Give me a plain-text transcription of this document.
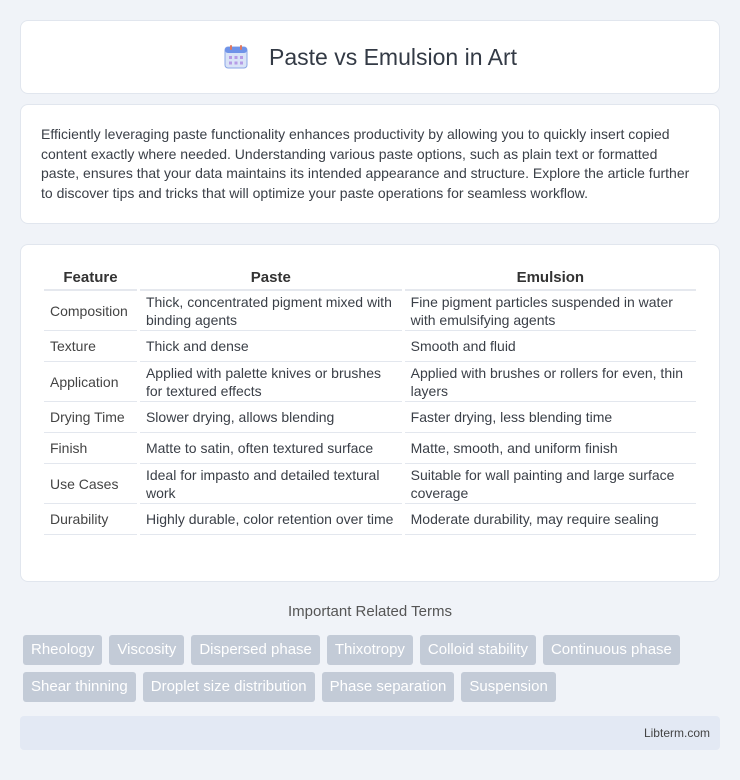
Paste vs Emulsion in Art

Efficiently leveraging paste functionality enhances productivity by allowing you to quickly insert copied content exactly where needed. Understanding various paste options, such as plain text or formatted paste, ensures that your data maintains its intended appearance and structure. Explore the article further to discover tips and tricks that will optimize your paste operations for seamless workflow.

Feature	Paste	Emulsion
Composition	Thick, concentrated pigment mixed with binding agents	Fine pigment particles suspended in water with emulsifying agents
Texture	Thick and dense	Smooth and fluid
Application	Applied with palette knives or brushes for textured effects	Applied with brushes or rollers for even, thin layers
Drying Time	Slower drying, allows blending	Faster drying, less blending time
Finish	Matte to satin, often textured surface	Matte, smooth, and uniform finish
Use Cases	Ideal for impasto and detailed textural work	Suitable for wall painting and large surface coverage
Durability	Highly durable, color retention over time	Moderate durability, may require sealing
Important Related Terms
Rheology	Viscosity	Dispersed phase	Thixotropy	Colloid stability	Continuous phase
Shear thinning	Droplet size distribution	Phase separation	Suspension
Libterm.com
